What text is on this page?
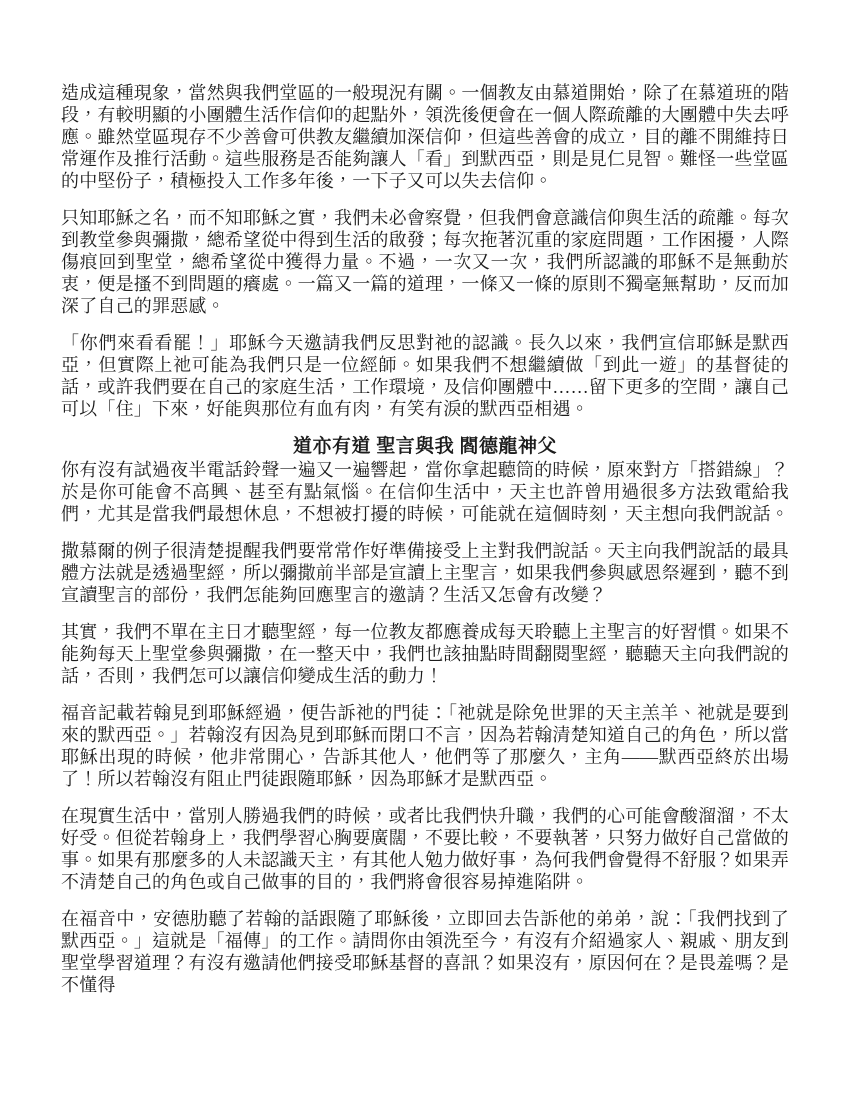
造成這種現象，當然與我們堂區的一般現況有關。一個教友由慕道開始，除了在慕道班的階段，有較明顯的小團體生活作信仰的起點外，領洗後便會在一個人際疏離的大團體中失去呼應。雖然堂區現存不少善會可供教友繼續加深信仰，但這些善會的成立，目的離不開維持日常運作及推行活動。這些服務是否能夠讓人「看」到默西亞，則是見仁見智。難怪一些堂區的中堅份子，積極投入工作多年後，一下子又可以失去信仰。

只知耶穌之名，而不知耶穌之實，我們未必會察覺，但我們會意識信仰與生活的疏離。每次到教堂參與彌撒，總希望從中得到生活的啟發；每次拖著沉重的家庭問題，工作困擾，人際傷痕回到聖堂，總希望從中獲得力量。不過，一次又一次，我們所認識的耶穌不是無動於衷，便是搔不到問題的癢處。一篇又一篇的道理，一條又一條的原則不獨毫無幫助，反而加深了自己的罪惡感。

「你們來看看罷！」耶穌今天邀請我們反思對祂的認識。長久以來，我們宣信耶穌是默西亞，但實際上祂可能為我們只是一位經師。如果我們不想繼續做「到此一遊」的基督徒的話，或許我們要在自己的家庭生活，工作環境，及信仰團體中……留下更多的空間，讓自己可以「住」下來，好能與那位有血有肉，有笑有淚的默西亞相遇。

道亦有道 聖言與我 閻德龍神父

你有沒有試過夜半電話鈴聲一遍又一遍響起，當你拿起聽筒的時候，原來對方「搭錯線」？於是你可能會不高興、甚至有點氣惱。在信仰生活中，天主也許曾用過很多方法致電給我們，尤其是當我們最想休息，不想被打擾的時候，可能就在這個時刻，天主想向我們說話。

撒慕爾的例子很清楚提醒我們要常常作好準備接受上主對我們說話。天主向我們說話的最具體方法就是透過聖經，所以彌撒前半部是宣讀上主聖言，如果我們參與感恩祭遲到，聽不到宣讀聖言的部份，我們怎能夠回應聖言的邀請？生活又怎會有改變？

其實，我們不單在主日才聽聖經，每一位教友都應養成每天聆聽上主聖言的好習慣。如果不能夠每天上聖堂參與彌撒，在一整天中，我們也該抽點時間翻閱聖經，聽聽天主向我們說的話，否則，我們怎可以讓信仰變成生活的動力！

福音記載若翰見到耶穌經過，便告訴祂的門徒：「祂就是除免世罪的天主羔羊、祂就是要到來的默西亞。」若翰沒有因為見到耶穌而閉口不言，因為若翰清楚知道自己的角色，所以當耶穌出現的時候，他非常開心，告訴其他人，他們等了那麼久，主角——默西亞終於出場了！所以若翰沒有阻止門徒跟隨耶穌，因為耶穌才是默西亞。

在現實生活中，當別人勝過我們的時候，或者比我們快升職，我們的心可能會酸溜溜，不太好受。但從若翰身上，我們學習心胸要廣闊，不要比較，不要執著，只努力做好自己當做的事。如果有那麼多的人未認識天主，有其他人勉力做好事，為何我們會覺得不舒服？如果弄不清楚自己的角色或自己做事的目的，我們將會很容易掉進陷阱。

在福音中，安德肋聽了若翰的話跟隨了耶穌後，立即回去告訴他的弟弟，說：「我們找到了默西亞。」這就是「福傳」的工作。請問你由領洗至今，有沒有介紹過家人、親戚、朋友到聖堂學習道理？有沒有邀請他們接受耶穌基督的喜訊？如果沒有，原因何在？是畏羞嗎？是不懂得
